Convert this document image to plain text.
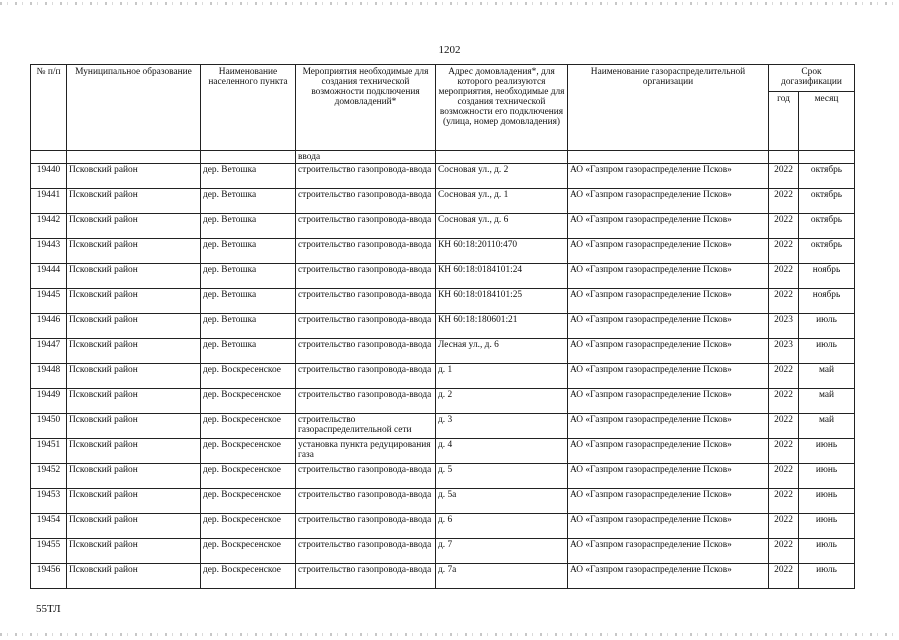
1202
№ п/п	Муниципальное образование	Наименование населенного пункта	Мероприятия необходимые для создания технической возможности подключения домовладений*	Адрес домовладения*, для которого реализуются мероприятия, необходимые для создания технической возможности его подключения (улица, номер домовладения)	Наименование газораспределительной организации	Срок догазификации	
						год	месяц
			ввода				
19440	Псковский район	дер. Ветошка	строительство газопровода-ввода	Сосновая ул., д. 2	АО «Газпром газораспределение Псков»	2022	октябрь
19441	Псковский район	дер. Ветошка	строительство газопровода-ввода	Сосновая ул., д. 1	АО «Газпром газораспределение Псков»	2022	октябрь
19442	Псковский район	дер. Ветошка	строительство газопровода-ввода	Сосновая ул., д. 6	АО «Газпром газораспределение Псков»	2022	октябрь
19443	Псковский район	дер. Ветошка	строительство газопровода-ввода	КН 60:18:20110:470	АО «Газпром газораспределение Псков»	2022	октябрь
19444	Псковский район	дер. Ветошка	строительство газопровода-ввода	КН 60:18:0184101:24	АО «Газпром газораспределение Псков»	2022	ноябрь
19445	Псковский район	дер. Ветошка	строительство газопровода-ввода	КН 60:18:0184101:25	АО «Газпром газораспределение Псков»	2022	ноябрь
19446	Псковский район	дер. Ветошка	строительство газопровода-ввода	КН 60:18:180601:21	АО «Газпром газораспределение Псков»	2023	июль
19447	Псковский район	дер. Ветошка	строительство газопровода-ввода	Лесная ул., д. 6	АО «Газпром газораспределение Псков»	2023	июль
19448	Псковский район	дер. Воскресенское	строительство газопровода-ввода	д. 1	АО «Газпром газораспределение Псков»	2022	май
19449	Псковский район	дер. Воскресенское	строительство газопровода-ввода	д. 2	АО «Газпром газораспределение Псков»	2022	май
19450	Псковский район	дер. Воскресенское	строительство газораспределительной сети	д. 3	АО «Газпром газораспределение Псков»	2022	май
19451	Псковский район	дер. Воскресенское	установка пункта редуцирования газа	д. 4	АО «Газпром газораспределение Псков»	2022	июнь
19452	Псковский район	дер. Воскресенское	строительство газопровода-ввода	д. 5	АО «Газпром газораспределение Псков»	2022	июнь
19453	Псковский район	дер. Воскресенское	строительство газопровода-ввода	д. 5а	АО «Газпром газораспределение Псков»	2022	июнь
19454	Псковский район	дер. Воскресенское	строительство газопровода-ввода	д. 6	АО «Газпром газораспределение Псков»	2022	июнь
19455	Псковский район	дер. Воскресенское	строительство газопровода-ввода	д. 7	АО «Газпром газораспределение Псков»	2022	июль
19456	Псковский район	дер. Воскресенское	строительство газопровода-ввода	д. 7а	АО «Газпром газораспределение Псков»	2022	июль
55ТЛ
